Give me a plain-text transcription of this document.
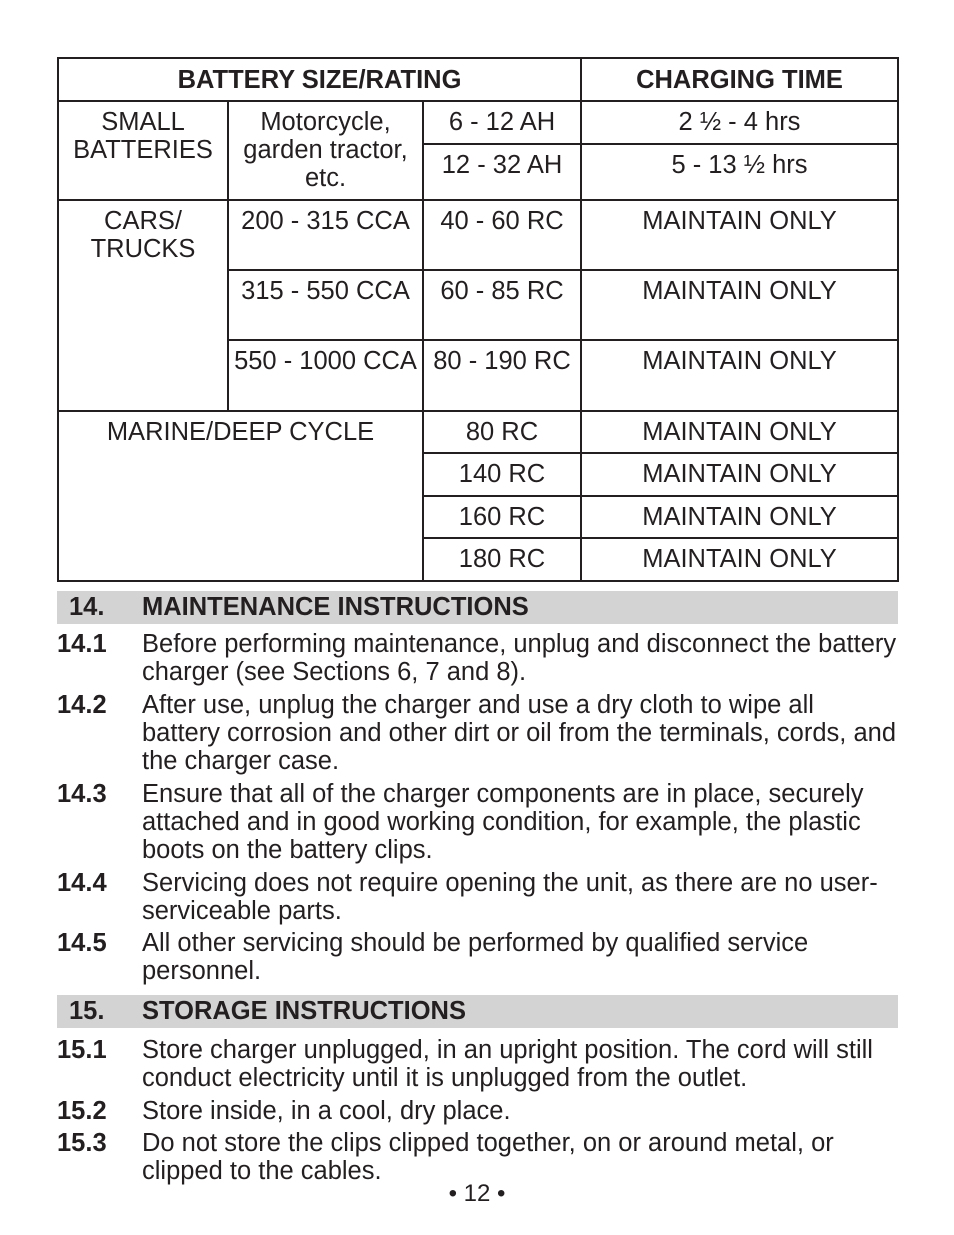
BATTERY SIZE/RATING			CHARGING TIME
SMALL BATTERIES	Motorcycle, garden tractor, etc.	6 - 12 AH	2 ½ - 4 hrs
		12 - 32 AH	5 - 13 ½ hrs
CARS/ TRUCKS	200 - 315 CCA	40 - 60 RC	MAINTAIN ONLY
	315 - 550 CCA	60 - 85 RC	MAINTAIN ONLY
	550 - 1000 CCA	80 - 190 RC	MAINTAIN ONLY
MARINE/DEEP CYCLE		80 RC	MAINTAIN ONLY
		140 RC	MAINTAIN ONLY
		160 RC	MAINTAIN ONLY
		180 RC	MAINTAIN ONLY
14. MAINTENANCE INSTRUCTIONS
14.1 Before performing maintenance, unplug and disconnect the battery charger (see Sections 6, 7 and 8).
14.2 After use, unplug the charger and use a dry cloth to wipe all battery corrosion and other dirt or oil from the terminals, cords, and the charger case.
14.3 Ensure that all of the charger components are in place, securely attached and in good working condition, for example, the plastic boots on the battery clips.
14.4 Servicing does not require opening the unit, as there are no user-serviceable parts.
14.5 All other servicing should be performed by qualified service personnel.
15. STORAGE INSTRUCTIONS
15.1 Store charger unplugged, in an upright position. The cord will still conduct electricity until it is unplugged from the outlet.
15.2 Store inside, in a cool, dry place.
15.3 Do not store the clips clipped together, on or around metal, or clipped to the cables.
• 12 •
